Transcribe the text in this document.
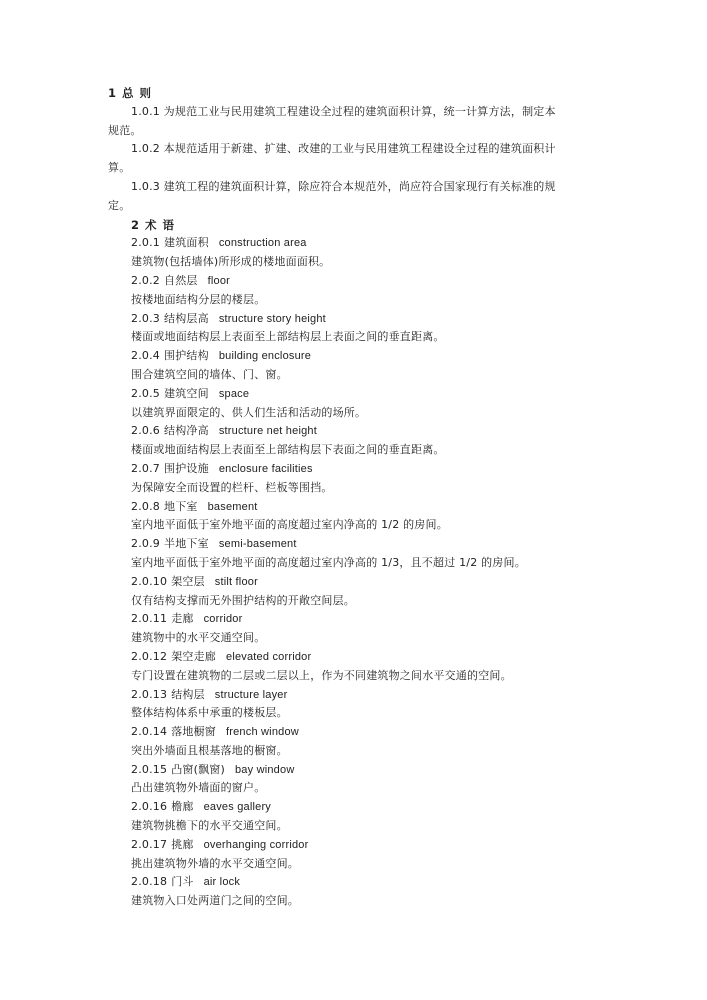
1 总 则
1.0.1 为规范工业与民用建筑工程建设全过程的建筑面积计算，统一计算方法，制定本
规范。
1.0.2 本规范适用于新建、扩建、改建的工业与民用建筑工程建设全过程的建筑面积计
算。
1.0.3 建筑工程的建筑面积计算，除应符合本规范外，尚应符合国家现行有关标准的规
定。
2 术 语
2.0.1 建筑面积 construction area
建筑物(包括墙体)所形成的楼地面面积。
2.0.2 自然层 floor
按楼地面结构分层的楼层。
2.0.3 结构层高 structure story height
楼面或地面结构层上表面至上部结构层上表面之间的垂直距离。
2.0.4 围护结构 building enclosure
围合建筑空间的墙体、门、窗。
2.0.5 建筑空间 space
以建筑界面限定的、供人们生活和活动的场所。
2.0.6 结构净高 structure net height
楼面或地面结构层上表面至上部结构层下表面之间的垂直距离。
2.0.7 围护设施 enclosure facilities
为保障安全而设置的栏杆、栏板等围挡。
2.0.8 地下室 basement
室内地平面低于室外地平面的高度超过室内净高的 1/2 的房间。
2.0.9 半地下室 semi-basement
室内地平面低于室外地平面的高度超过室内净高的 1/3，且不超过 1/2 的房间。
2.0.10 架空层 stilt floor
仅有结构支撑而无外围护结构的开敞空间层。
2.0.11 走廊 corridor
建筑物中的水平交通空间。
2.0.12 架空走廊 elevated corridor
专门设置在建筑物的二层或二层以上，作为不同建筑物之间水平交通的空间。
2.0.13 结构层 structure layer
整体结构体系中承重的楼板层。
2.0.14 落地橱窗 french window
突出外墙面且根基落地的橱窗。
2.0.15 凸窗(飘窗) bay window
凸出建筑物外墙面的窗户。
2.0.16 檐廊 eaves gallery
建筑物挑檐下的水平交通空间。
2.0.17 挑廊 overhanging corridor
挑出建筑物外墙的水平交通空间。
2.0.18 门斗 air lock
建筑物入口处两道门之间的空间。
